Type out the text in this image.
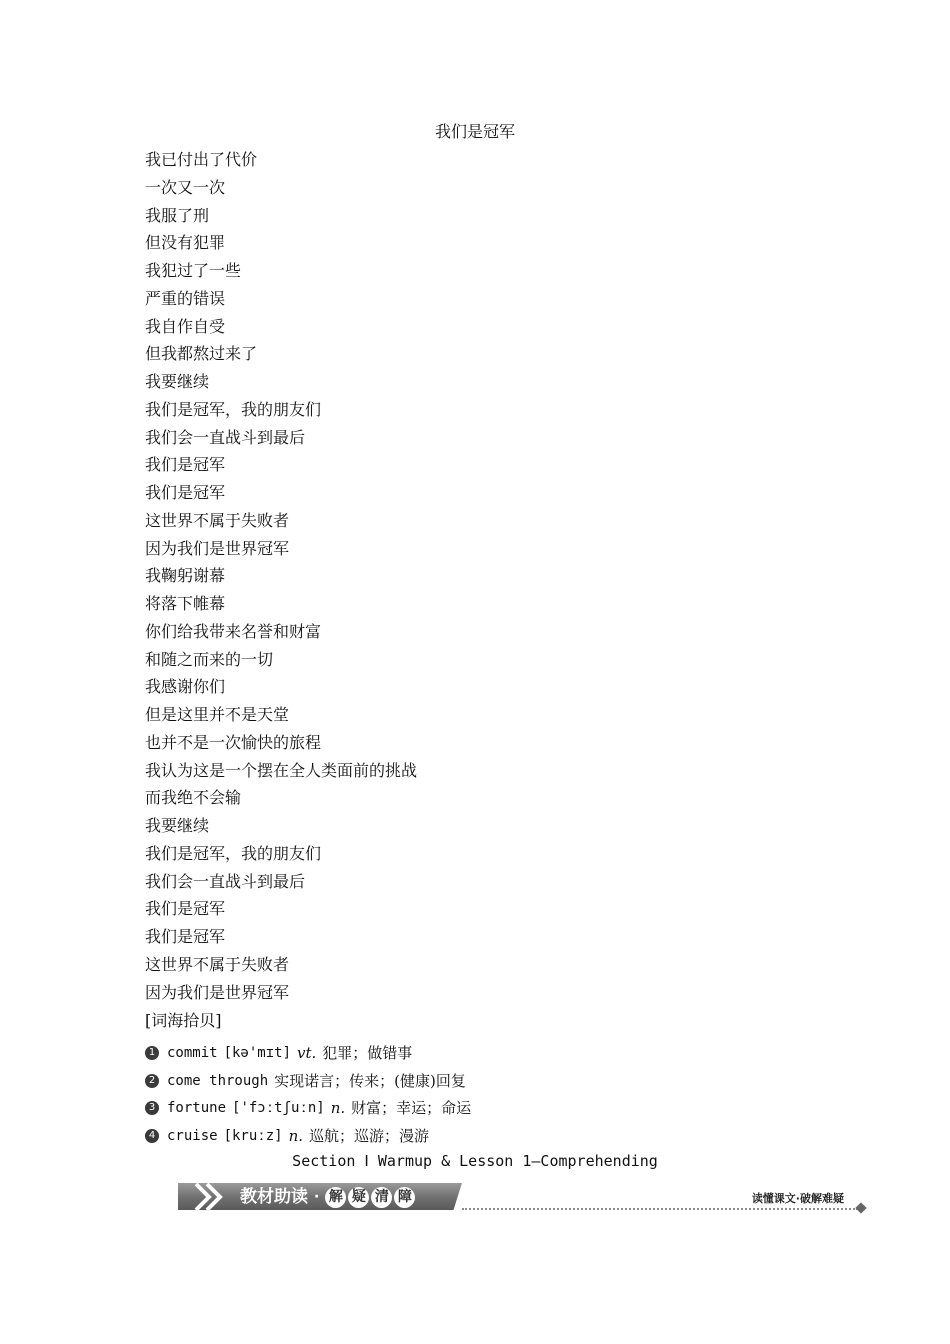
我们是冠军
我已付出了代价
一次又一次
我服了刑
但没有犯罪
我犯过了一些
严重的错误
我自作自受
但我都熬过来了
我要继续
我们是冠军，我的朋友们
我们会一直战斗到最后
我们是冠军
我们是冠军
这世界不属于失败者
因为我们是世界冠军
我鞠躬谢幕
将落下帷幕
你们给我带来名誉和财富
和随之而来的一切
我感谢你们
但是这里并不是天堂
也并不是一次愉快的旅程
我认为这是一个摆在全人类面前的挑战
而我绝不会输
我要继续
我们是冠军，我的朋友们
我们会一直战斗到最后
我们是冠军
我们是冠军
这世界不属于失败者
因为我们是世界冠军
[词海拾贝]
1 commit [kə'mɪt] vt. 犯罪；做错事
2 come through 实现诺言；传来；(健康)回复
3 fortune ['fɔːtʃuːn] n. 财富；幸运；命运
4 cruise [kruːz] n. 巡航；巡游；漫游
Section Ⅰ Warmup & Lesson 1—Comprehending
教材助读 · 解 疑 清 障	读懂课文·破解难疑
